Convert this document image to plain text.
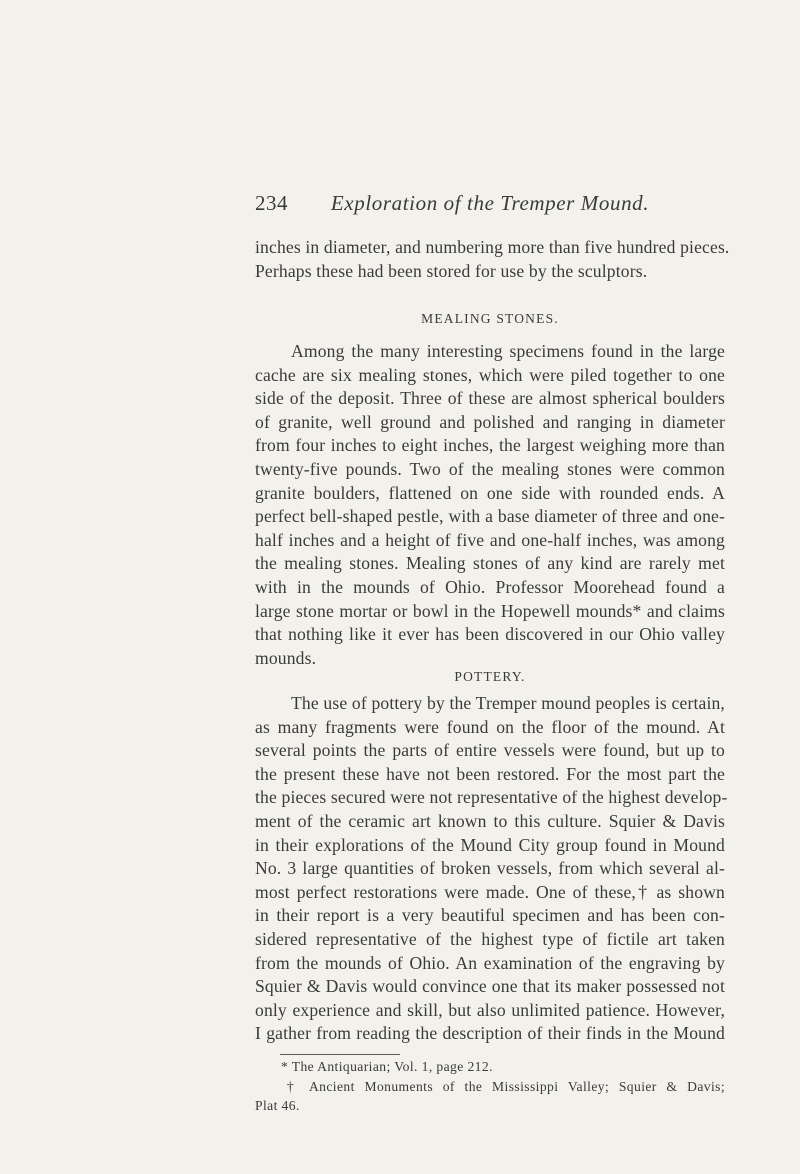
234	Exploration of the Tremper Mound.
inches in diameter, and numbering more than five hundred pieces.
Perhaps these had been stored for use by the sculptors.
MEALING STONES.
Among the many interesting specimens found in the large
cache are six mealing stones, which were piled together to one
side of the deposit. Three of these are almost spherical boulders
of granite, well ground and polished and ranging in diameter
from four inches to eight inches, the largest weighing more than
twenty-five pounds. Two of the mealing stones were common
granite boulders, flattened on one side with rounded ends. A
perfect bell-shaped pestle, with a base diameter of three and one-
half inches and a height of five and one-half inches, was among
the mealing stones. Mealing stones of any kind are rarely met
with in the mounds of Ohio. Professor Moorehead found a
large stone mortar or bowl in the Hopewell mounds* and claims
that nothing like it ever has been discovered in our Ohio valley
mounds.
POTTERY.
The use of pottery by the Tremper mound peoples is certain,
as many fragments were found on the floor of the mound. At
several points the parts of entire vessels were found, but up to
the present these have not been restored. For the most part the
the pieces secured were not representative of the highest develop-
ment of the ceramic art known to this culture. Squier & Davis
in their explorations of the Mound City group found in Mound
No. 3 large quantities of broken vessels, from which several al-
most perfect restorations were made. One of these,† as shown
in their report is a very beautiful specimen and has been con-
sidered representative of the highest type of fictile art taken
from the mounds of Ohio. An examination of the engraving by
Squier & Davis would convince one that its maker possessed not
only experience and skill, but also unlimited patience. However,
I gather from reading the description of their finds in the Mound
* The Antiquarian; Vol. 1, page 212.
† Ancient Monuments of the Mississippi Valley; Squier & Davis;
Plat 46.
